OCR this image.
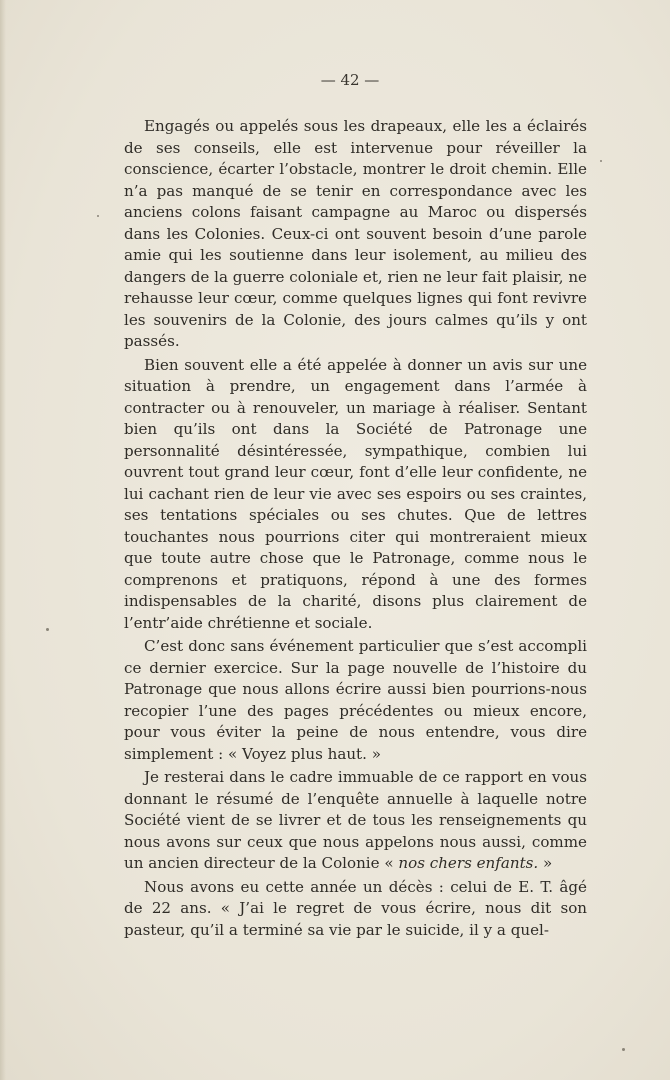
— 42 —

Engagés ou appelés sous les drapeaux, elle les a éclairés de ses conseils, elle est intervenue pour réveiller la conscience, écarter l’obstacle, montrer le droit chemin. Elle n’a pas manqué de se tenir en correspondance avec les anciens colons faisant campagne au Maroc ou dispersés dans les Colonies. Ceux-ci ont souvent besoin d’une parole amie qui les soutienne dans leur isolement, au milieu des dangers de la guerre coloniale et, rien ne leur fait plaisir, ne rehausse leur cœur, comme quelques lignes qui font revivre les souvenirs de la Colonie, des jours calmes qu’ils y ont passés.

Bien souvent elle a été appelée à donner un avis sur une situation à prendre, un engagement dans l’armée à contracter ou à renouveler, un mariage à réaliser. Sentant bien qu’ils ont dans la Société de Patronage une personnalité désintéressée, sympathique, combien lui ouvrent tout grand leur cœur, font d’elle leur confidente, ne lui cachant rien de leur vie avec ses espoirs ou ses craintes, ses tentations spéciales ou ses chutes. Que de lettres touchantes nous pourrions citer qui montreraient mieux que toute autre chose que le Patronage, comme nous le comprenons et pratiquons, répond à une des formes indispensables de la charité, disons plus clairement de l’entr’aide chrétienne et sociale.

C’est donc sans événement particulier que s’est accompli ce dernier exercice. Sur la page nouvelle de l’histoire du Patronage que nous allons écrire aussi bien pourrions-nous recopier l’une des pages précédentes ou mieux encore, pour vous éviter la peine de nous entendre, vous dire simplement : « Voyez plus haut. »

Je resterai dans le cadre immuable de ce rapport en vous donnant le résumé de l’enquête annuelle à laquelle notre Société vient de se livrer et de tous les renseignements qu nous avons sur ceux que nous appelons nous aussi, comme un ancien directeur de la Colonie « nos chers enfants. »

Nous avons eu cette année un décès : celui de E. T. âgé de 22 ans. « J’ai le regret de vous écrire, nous dit son pasteur, qu’il a terminé sa vie par le suicide, il y a quel-
